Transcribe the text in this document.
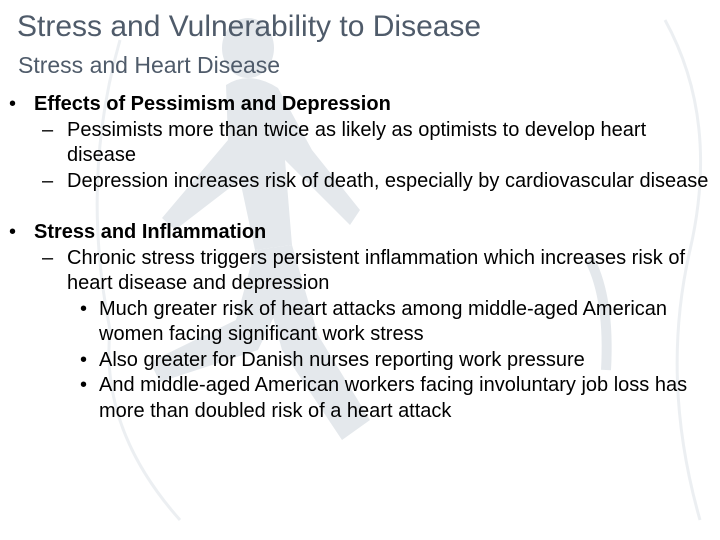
Stress and Vulnerability to Disease
Stress and Heart Disease
• Effects of Pessimism and Depression
– Pessimists more than twice as likely as optimists to develop heart disease
– Depression increases risk of death, especially by cardiovascular disease
• Stress and Inflammation
– Chronic stress triggers persistent inflammation which increases risk of heart disease and depression
• Much greater risk of heart attacks among middle-aged American women facing significant work stress
• Also greater for Danish nurses reporting work pressure
• And middle-aged American workers facing involuntary job loss has more than doubled risk of a heart attack
